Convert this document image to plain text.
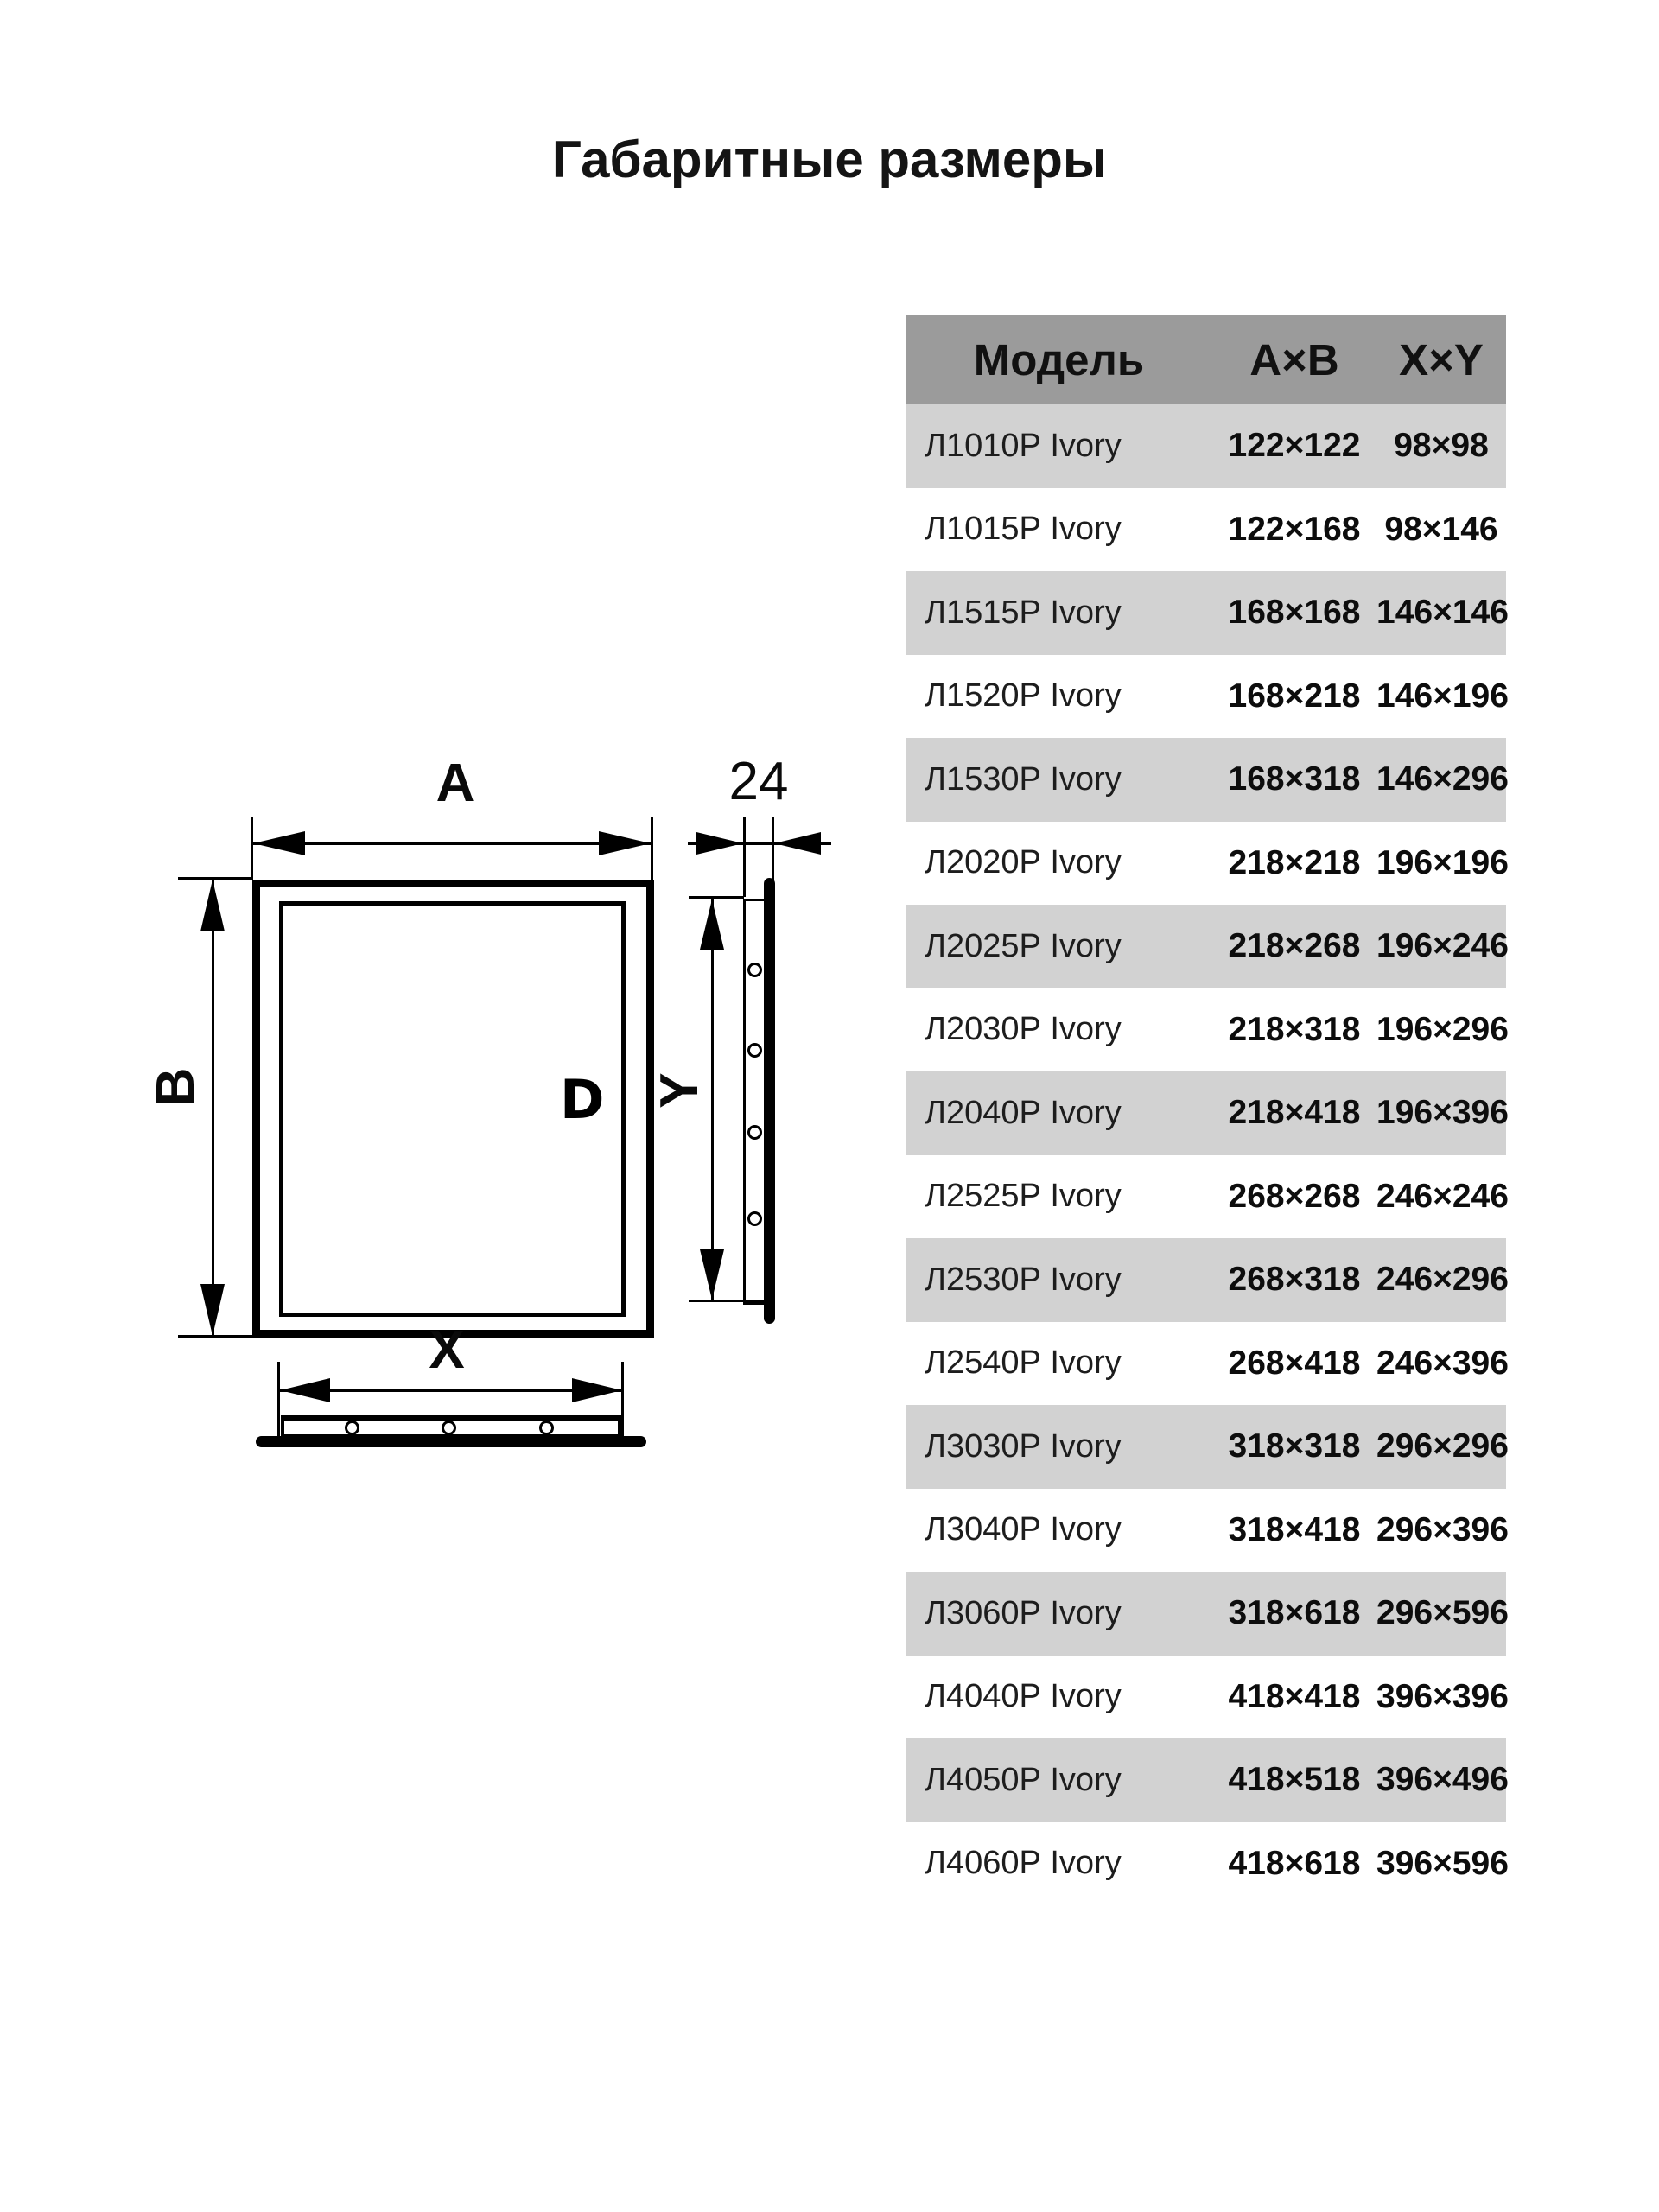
Габаритные размеры
D
A
B
X
24
Y
Модель	A×B	X×Y
Л1010Р Ivory	122×122 98×98
Л1015Р Ivory	122×168 98×146
Л1515Р Ivory	168×168 146×146
Л1520Р Ivory	168×218 146×196
Л1530Р Ivory	168×318 146×296
Л2020Р Ivory	218×218 196×196
Л2025Р Ivory	218×268 196×246
Л2030Р Ivory	218×318 196×296
Л2040Р Ivory	218×418 196×396
Л2525Р Ivory	268×268 246×246
Л2530Р Ivory	268×318 246×296
Л2540Р Ivory	268×418 246×396
Л3030Р Ivory	318×318 296×296
Л3040Р Ivory	318×418 296×396
Л3060Р Ivory	318×618 296×596
Л4040Р Ivory	418×418 396×396
Л4050Р Ivory	418×518 396×496
Л4060Р Ivory	418×618 396×596
